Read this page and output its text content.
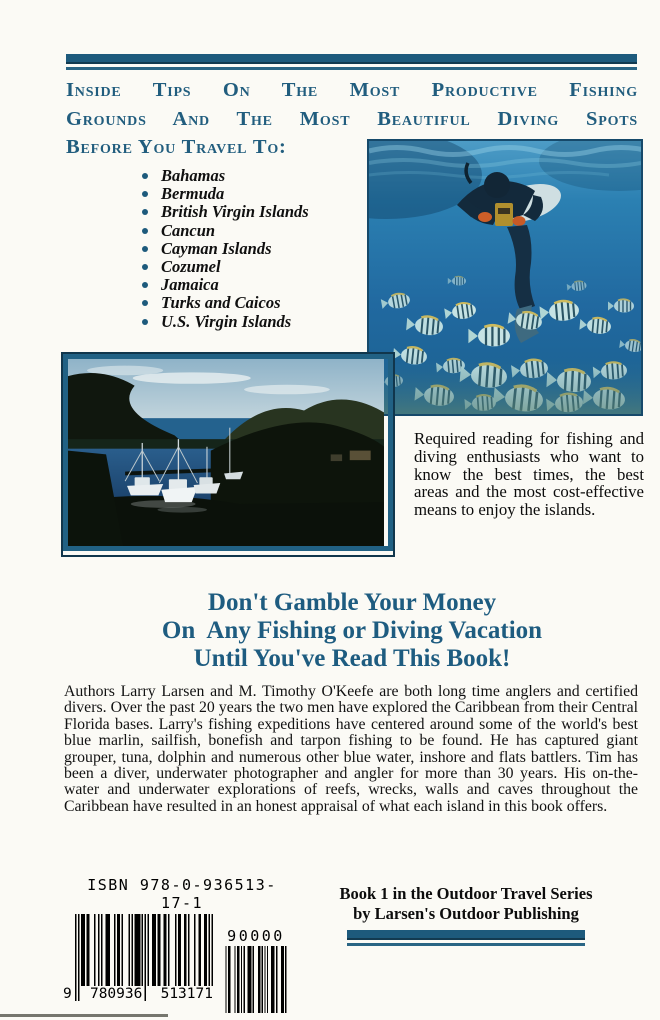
Inside Tips On The Most Productive Fishing
Grounds And The Most Beautiful Diving Spots
Before You Travel To:
Bahamas
Bermuda
British Virgin Islands
Cancun
Cayman Islands
Cozumel
Jamaica
Turks and Caicos
U.S. Virgin Islands

Required reading for fishing and diving enthusiasts who want to know the best times, the best areas and the most cost-effective means to enjoy the islands.

Don't Gamble Your Money
On  Any Fishing or Diving Vacation
Until You've Read This Book!

Authors Larry Larsen and M. Timothy O'Keefe are both long time anglers and certified divers. Over the past 20 years the two men have explored the Caribbean from their Central Florida bases. Larry's fishing expeditions have centered around some of the world's best blue marlin, sailfish, bonefish and tarpon fishing to be found. He has captured giant grouper, tuna, dolphin and numerous other blue water, inshore and flats battlers. Tim has been a diver, underwater photographer and angler for more than 30 years. His on-the-water and underwater explorations of reefs, wrecks, walls and caves throughout the Caribbean have resulted in an honest appraisal of what each island in this book offers.

ISBN 978-0-936513-17-1
9 780936 513171
90000
Book 1 in the Outdoor Travel Series
by Larsen's Outdoor Publishing
